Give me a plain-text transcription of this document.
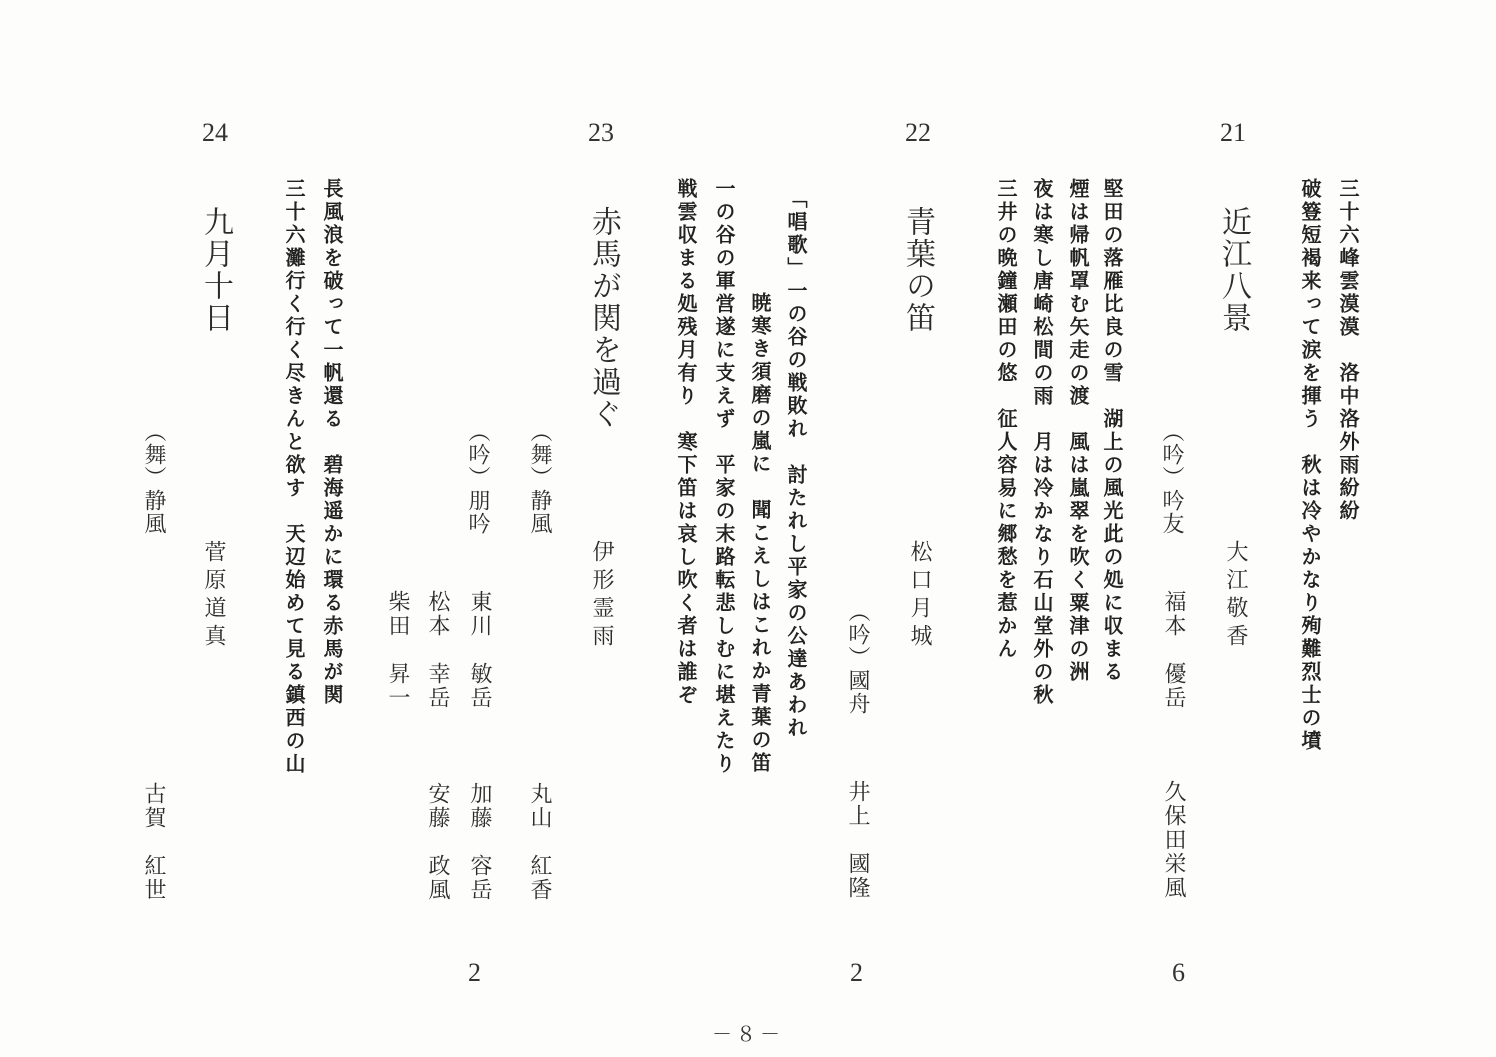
21
三十六峰雲漠漠　洛中洛外雨紛紛
破簦短褐来って涙を揮う　秋は冷やかなり殉難烈士の墳
近江八景
大江敬香
（吟）吟友
福本　優岳
久保田栄風
6
22
堅田の落雁比良の雪　湖上の風光此の処に収まる
煙は帰帆罩む矢走の渡　風は嵐翠を吹く粟津の洲
夜は寒し唐崎松間の雨　月は冷かなり石山堂外の秋
三井の晩鐘瀬田の悠　征人容易に郷愁を惹かん
青葉の笛
松口月城
（吟）國舟
井上　國隆
2
23
「唱歌」一の谷の戦敗れ　討たれし平家の公達あわれ
暁寒き須磨の嵐に　聞こえしはこれか青葉の笛
一の谷の軍営遂に支えず　平家の末路転悲しむに堪えたり
戦雲収まる処残月有り　寒下笛は哀し吹く者は誰ぞ
赤馬が関を過ぐ
伊形霊雨
（舞）静風
丸山　紅香
（吟）朋吟
東川　敏岳
松本　幸岳
柴田　昇一
加藤　容岳
安藤　政風
2
24
長風浪を破って一帆還る　碧海遥かに環る赤馬が関
三十六灘行く行く尽きんと欲す　天辺始めて見る鎮西の山
九月十日
菅原道真
（舞）静風
古賀　紅世
－８－
